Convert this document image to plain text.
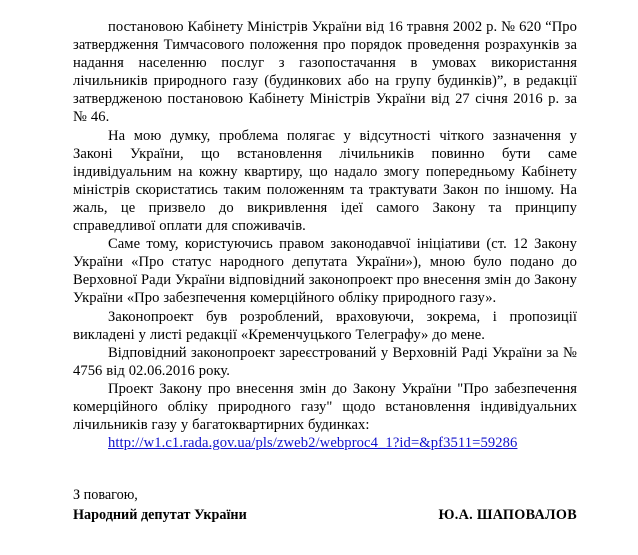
постановою Кабінету Міністрів України від 16 травня 2002 р. № 620 “Про затвердження Тимчасового положення про порядок проведення розрахунків за надання населенню послуг з газопостачання в умовах використання лічильників природного газу (будинкових або на групу будинків)”, в редакції затвердженою постановою Кабінету Міністрів України від 27 січня 2016 р. за № 46.

На мою думку, проблема полягає у відсутності чіткого зазначення у Законі України, що встановлення лічильників повинно бути саме індивідуальним на кожну квартиру, що надало змогу попередньому Кабінету міністрів скористатись таким положенням та трактувати Закон по іншому. На жаль, це призвело до викривлення ідеї самого Закону та принципу справедливої оплати для споживачів.

Саме тому, користуючись правом законодавчої ініціативи (ст. 12 Закону України «Про статус народного депутата України»), мною було подано до Верховної Ради України відповідний законопроект про внесення змін до Закону України «Про забезпечення комерційного обліку природного газу».

Законопроект був розроблений, враховуючи, зокрема, і пропозиції викладені у листі редакції «Кременчуцького Телеграфу» до мене.

Відповідний законопроект зареєстрований у Верховній Раді України за № 4756 від 02.06.2016 року.

Проект Закону про внесення змін до Закону України "Про забезпечення комерційного обліку природного газу" щодо встановлення індивідуальних лічильників газу у багатоквартирних будинках:

http://w1.c1.rada.gov.ua/pls/zweb2/webproc4_1?id=&pf3511=59286

З повагою,

Народний депутат України	Ю.А. ШАПОВАЛОВ
